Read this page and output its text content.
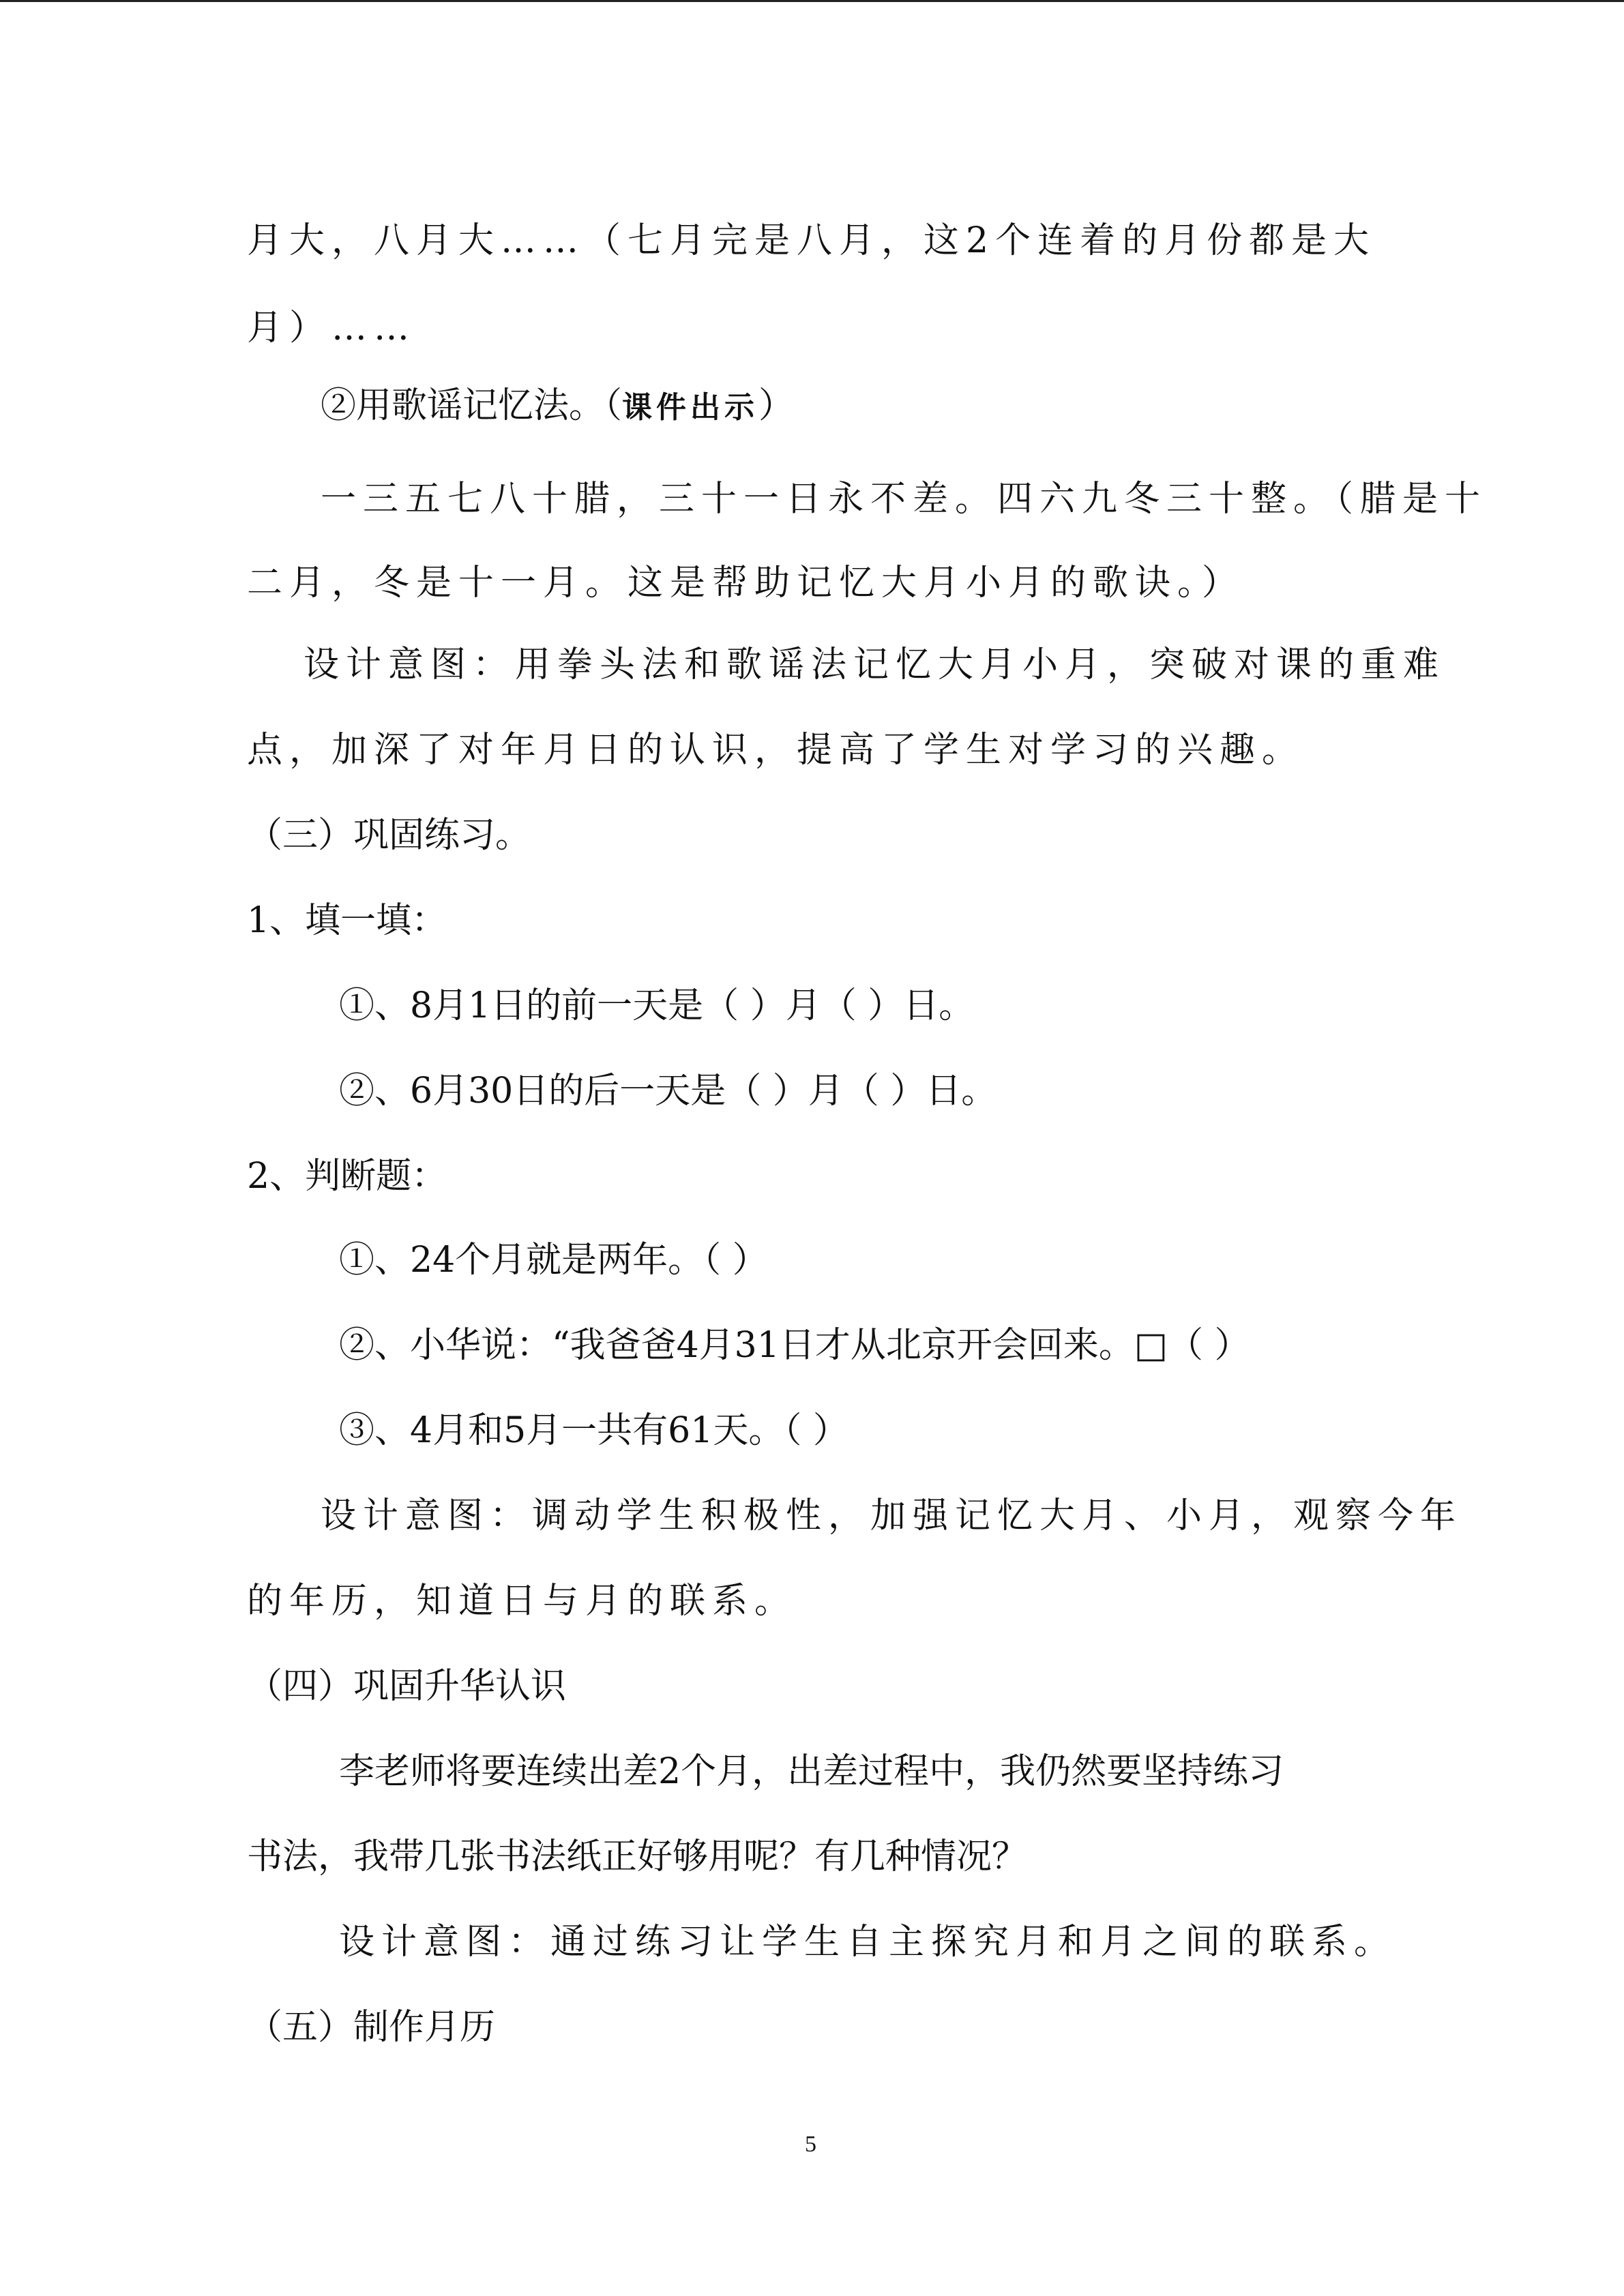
月大，八月大……（七月完是八月，这2个连着的月份都是大
月）……
②用歌谣记忆法。（课件出示）
一三五七八十腊，三十一日永不差。四六九冬三十整。（腊是十
二月，冬是十一月。这是帮助记忆大月小月的歌诀。）
设计意图：用拳头法和歌谣法记忆大月小月，突破对课的重难
点，加深了对年月日的认识，提高了学生对学习的兴趣。
（三）巩固练习。
1、填一填：
①、8月1日的前一天是（ ）月（ ）日。
②、6月30日的后一天是（ ）月（ ）日。
2、判断题：
①、24个月就是两年。（ ）
②、小华说：“我爸爸4月31日才从北京开会回来。□（ ）
③、4月和5月一共有61天。（ ）
设计意图：调动学生积极性，加强记忆大月、小月，观察今年
的年历，知道日与月的联系。
（四）巩固升华认识
李老师将要连续出差2个月，出差过程中，我仍然要坚持练习
书法，我带几张书法纸正好够用呢？有几种情况？
设计意图：通过练习让学生自主探究月和月之间的联系。
（五）制作月历
5
